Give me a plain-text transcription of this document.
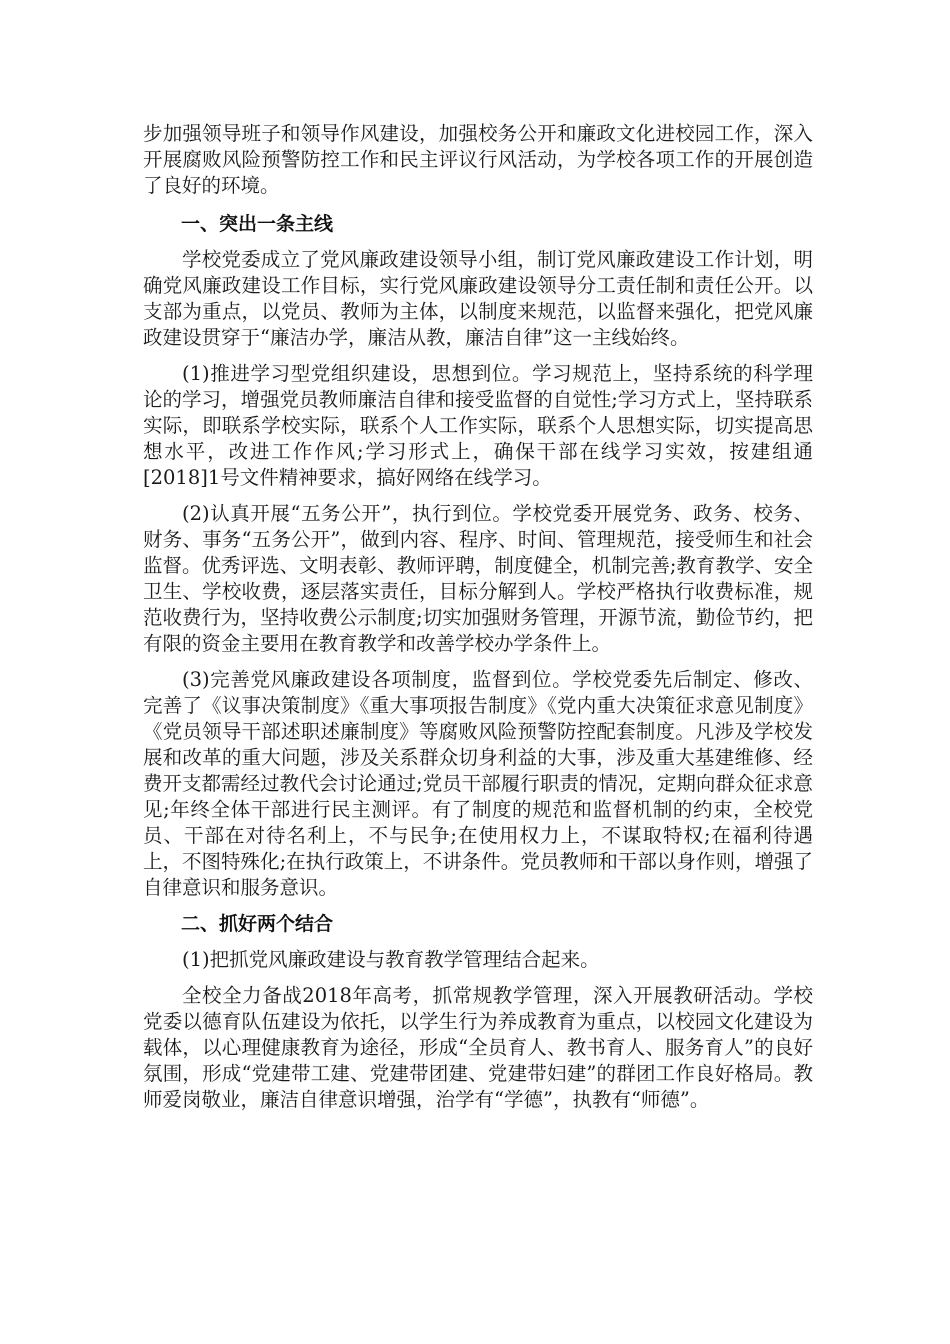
步加强领导班子和领导作风建设，加强校务公开和廉政文化进校园工作，深入开展腐败风险预警防控工作和民主评议行风活动，为学校各项工作的开展创造了良好的环境。

一、突出一条主线

学校党委成立了党风廉政建设领导小组，制订党风廉政建设工作计划，明确党风廉政建设工作目标，实行党风廉政建设领导分工责任制和责任公开。以支部为重点，以党员、教师为主体，以制度来规范，以监督来强化，把党风廉政建设贯穿于“廉洁办学，廉洁从教，廉洁自律”这一主线始终。

(1)推进学习型党组织建设，思想到位。学习规范上，坚持系统的科学理论的学习，增强党员教师廉洁自律和接受监督的自觉性;学习方式上，坚持联系实际，即联系学校实际，联系个人工作实际，联系个人思想实际，切实提高思想水平，改进工作作风;学习形式上，确保干部在线学习实效，按建组通[2018]1号文件精神要求，搞好网络在线学习。

(2)认真开展“五务公开”，执行到位。学校党委开展党务、政务、校务、财务、事务“五务公开”，做到内容、程序、时间、管理规范，接受师生和社会监督。优秀评选、文明表彰、教师评聘，制度健全，机制完善;教育教学、安全卫生、学校收费，逐层落实责任，目标分解到人。学校严格执行收费标准，规范收费行为，坚持收费公示制度;切实加强财务管理，开源节流，勤俭节约，把有限的资金主要用在教育教学和改善学校办学条件上。

(3)完善党风廉政建设各项制度，监督到位。学校党委先后制定、修改、完善了《议事决策制度》《重大事项报告制度》《党内重大决策征求意见制度》《党员领导干部述职述廉制度》等腐败风险预警防控配套制度。凡涉及学校发展和改革的重大问题，涉及关系群众切身利益的大事，涉及重大基建维修、经费开支都需经过教代会讨论通过;党员干部履行职责的情况，定期向群众征求意见;年终全体干部进行民主测评。有了制度的规范和监督机制的约束，全校党员、干部在对待名利上，不与民争;在使用权力上，不谋取特权;在福利待遇上，不图特殊化;在执行政策上，不讲条件。党员教师和干部以身作则，增强了自律意识和服务意识。

二、抓好两个结合

(1)把抓党风廉政建设与教育教学管理结合起来。

全校全力备战2018年高考，抓常规教学管理，深入开展教研活动。学校党委以德育队伍建设为依托，以学生行为养成教育为重点，以校园文化建设为载体，以心理健康教育为途径，形成“全员育人、教书育人、服务育人”的良好氛围，形成“党建带工建、党建带团建、党建带妇建”的群团工作良好格局。教师爱岗敬业，廉洁自律意识增强，治学有“学德”，执教有“师德”。
